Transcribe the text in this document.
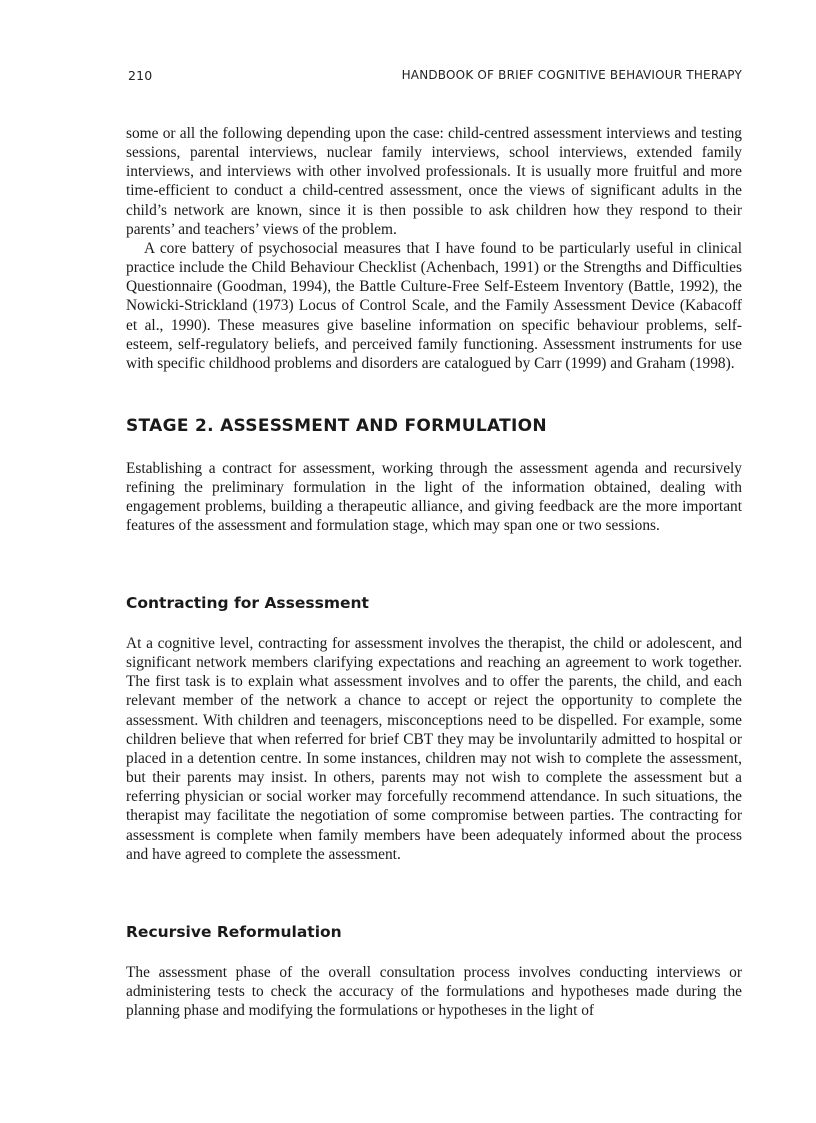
210	HANDBOOK OF BRIEF COGNITIVE BEHAVIOUR THERAPY

some or all the following depending upon the case: child-centred assessment interviews and testing sessions, parental interviews, nuclear family interviews, school interviews, extended family interviews, and interviews with other involved professionals. It is usually more fruitful and more time-efficient to conduct a child-centred assessment, once the views of significant adults in the child’s network are known, since it is then possible to ask children how they respond to their parents’ and teachers’ views of the problem.

A core battery of psychosocial measures that I have found to be particularly useful in clinical practice include the Child Behaviour Checklist (Achenbach, 1991) or the Strengths and Difficulties Questionnaire (Goodman, 1994), the Battle Culture-Free Self-Esteem Inventory (Battle, 1992), the Nowicki-Strickland (1973) Locus of Control Scale, and the Family Assessment Device (Kabacoff et al., 1990). These measures give baseline information on specific behaviour problems, self-esteem, self-regulatory beliefs, and perceived family functioning. Assessment instruments for use with specific childhood problems and disorders are catalogued by Carr (1999) and Graham (1998).

STAGE 2. ASSESSMENT AND FORMULATION

Establishing a contract for assessment, working through the assessment agenda and recursively refining the preliminary formulation in the light of the information obtained, dealing with engagement problems, building a therapeutic alliance, and giving feedback are the more important features of the assessment and formulation stage, which may span one or two sessions.

Contracting for Assessment

At a cognitive level, contracting for assessment involves the therapist, the child or adolescent, and significant network members clarifying expectations and reaching an agreement to work together. The first task is to explain what assessment involves and to offer the parents, the child, and each relevant member of the network a chance to accept or reject the opportunity to complete the assessment. With children and teenagers, misconceptions need to be dispelled. For example, some children believe that when referred for brief CBT they may be involuntarily admitted to hospital or placed in a detention centre. In some instances, children may not wish to complete the assessment, but their parents may insist. In others, parents may not wish to complete the assessment but a referring physician or social worker may forcefully recommend attendance. In such situations, the therapist may facilitate the negotiation of some compromise between parties. The contracting for assessment is complete when family members have been adequately informed about the process and have agreed to complete the assessment.

Recursive Reformulation

The assessment phase of the overall consultation process involves conducting interviews or administering tests to check the accuracy of the formulations and hypotheses made during the planning phase and modifying the formulations or hypotheses in the light of
